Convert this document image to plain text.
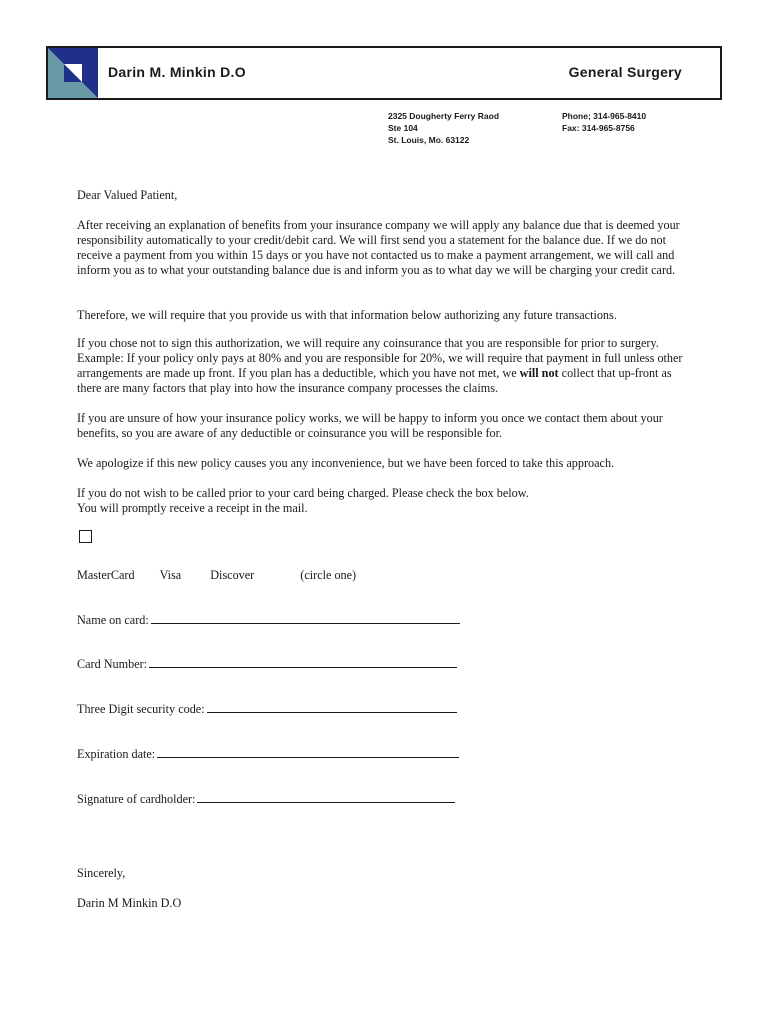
Darin M. Minkin D.O	General Surgery
2325 Dougherty Ferry Raod
Ste 104
St. Louis, Mo. 63122
Phone; 314-965-8410
Fax: 314-965-8756

Dear Valued Patient,

After receiving an explanation of benefits from your insurance company we will apply any balance due that is deemed your responsibility automatically to your credit/debit card. We will first send you a statement for the balance due. If we do not receive a payment from you within 15 days or you have not contacted us to make a payment arrangement, we will call and inform you as to what your outstanding balance due is and inform you as to what day we will be charging your credit card.

Therefore, we will require that you provide us with that information below authorizing any future transactions.

If you chose not to sign this authorization, we will require any coinsurance that you are responsible for prior to surgery. Example: If your policy only pays at 80% and you are responsible for 20%, we will require that payment in full unless other arrangements are made up front. If you plan has a deductible, which you have not met, we will not collect that up-front as there are many factors that play into how the insurance company processes the claims.

If you are unsure of how your insurance policy works, we will be happy to inform you once we contact them about your benefits, so you are aware of any deductible or coinsurance you will be responsible for.

We apologize if this new policy causes you any inconvenience, but we have been forced to take this approach.

If you do not wish to be called prior to your card being charged. Please check the box below.
You will promptly receive a receipt in the mail.

MasterCard Visa Discover	(circle one)
Name on card:
Card Number:
Three Digit security code:
Expiration date:
Signature of cardholder:
Sincerely,
Darin M Minkin D.O
